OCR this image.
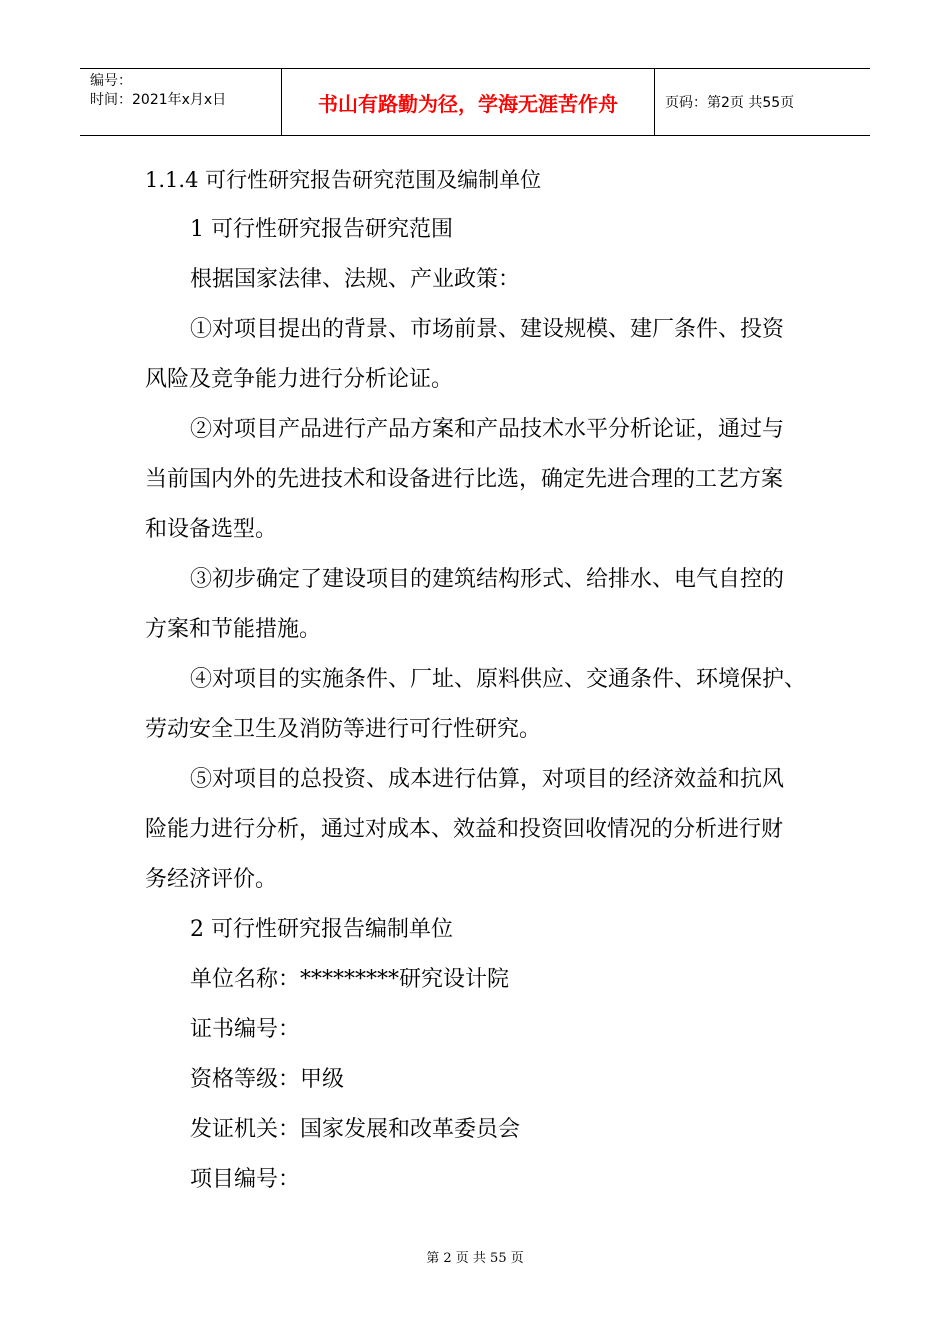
编号：
时间：2021年x月x日	书山有路勤为径，学海无涯苦作舟	页码：第2页 共55页

1.1.4 可行性研究报告研究范围及编制单位

1 可行性研究报告研究范围

根据国家法律、法规、产业政策：

①对项目提出的背景、市场前景、建设规模、建厂条件、投资

风险及竞争能力进行分析论证。

②对项目产品进行产品方案和产品技术水平分析论证，通过与

当前国内外的先进技术和设备进行比选，确定先进合理的工艺方案

和设备选型。

③初步确定了建设项目的建筑结构形式、给排水、电气自控的

方案和节能措施。

④对项目的实施条件、厂址、原料供应、交通条件、环境保护、

劳动安全卫生及消防等进行可行性研究。

⑤对项目的总投资、成本进行估算，对项目的经济效益和抗风

险能力进行分析，通过对成本、效益和投资回收情况的分析进行财

务经济评价。

2 可行性研究报告编制单位

单位名称：*********研究设计院

证书编号：

资格等级：甲级

发证机关：国家发展和改革委员会

项目编号：

第 2 页 共 55 页
